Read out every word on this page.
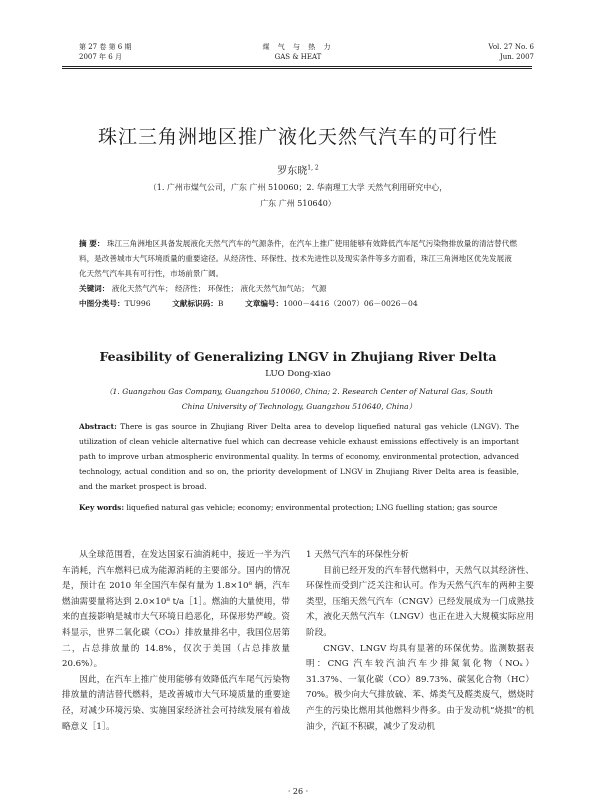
第 27 卷 第 6 期
2007 年 6 月
煤 气 与 热 力
GAS & HEAT
Vol. 27 No. 6
Jun. 2007
珠江三角洲地区推广液化天然气汽车的可行性
罗东晓$^{1, 2}$
（1. 广州市煤气公司，广东 广州 510060；2. 华南理工大学 天然气利用研究中心，
广东 广州 510640）
摘 要： 珠江三角洲地区具备发展液化天然气汽车的气源条件，在汽车上推广使用能够有效降低汽车尾气污染物排放量的清洁替代燃料，是改善城市大气环境质量的重要途径。从经济性、环保性、技术先进性以及现实条件等多方面看，珠江三角洲地区优先发展液化天然气汽车具有可行性，市场前景广阔。
关键词： 液化天然气汽车； 经济性； 环保性； 液化天然气加气站； 气源
中图分类号：TU996	文献标识码：B	文章编号：1000－4416（2007）06－0026－04
Feasibility of Generalizing LNGV in Zhujiang River Delta
LUO Dong-xiao
（1. Guangzhou Gas Company, Guangzhou 510060, China; 2. Research Center of Natural Gas, South
China University of Technology, Guangzhou 510640, China）
Abstract: There is gas source in Zhujiang River Delta area to develop liquefied natural gas vehicle (LNGV). The utilization of clean vehicle alternative fuel which can decrease vehicle exhaust emissions effectively is an important path to improve urban atmospheric environmental quality. In terms of economy, environmental protection, advanced technology, actual condition and so on, the priority development of LNGV in Zhujiang River Delta area is feasible, and the market prospect is broad.
Key words: liquefied natural gas vehicle; economy; environmental protection; LNG fuelling station; gas source

从全球范围看，在发达国家石油消耗中，接近一半为汽车消耗，汽车燃料已成为能源消耗的主要部分。国内的情况是，预计在 2010 年全国汽车保有量为 1.8×10⁸ 辆，汽车燃油需要量将达到 2.0×10⁸ t/a［1］。燃油的大量使用，带来的直接影响是城市大气环境日趋恶化，环保形势严峻。资料显示，世界二氧化碳（CO₂）排放量排名中，我国位居第二，占总排放量的 14.8%，仅次于美国（占总排放量 20.6%）。

因此，在汽车上推广使用能够有效降低汽车尾气污染物排放量的清洁替代燃料，是改善城市大气环境质量的重要途径，对减少环境污染、实施国家经济社会可持续发展有着战略意义［1］。

1 天然气汽车的环保性分析

目前已经开发的汽车替代燃料中，天然气以其经济性、环保性而受到广泛关注和认可。作为天然气汽车的两种主要类型，压缩天然气汽车（CNGV）已经发展成为一门成熟技术，液化天然气汽车（LNGV）也正在进入大规模实际应用阶段。

CNGV、LNGV 均具有显著的环保优势。监测数据表明：CNG 汽车较汽油汽车少排氮氧化物（NOₓ）31.37%、一氧化碳（CO）89.73%、碳氢化合物（HC）70%。极少向大气排放硫、苯、烯类气及醛类废气，燃烧时产生的污染比燃用其他燃料少得多。由于发动机“烧损”的机油少，汽缸不积碳，减少了发动机

· 26 ·
